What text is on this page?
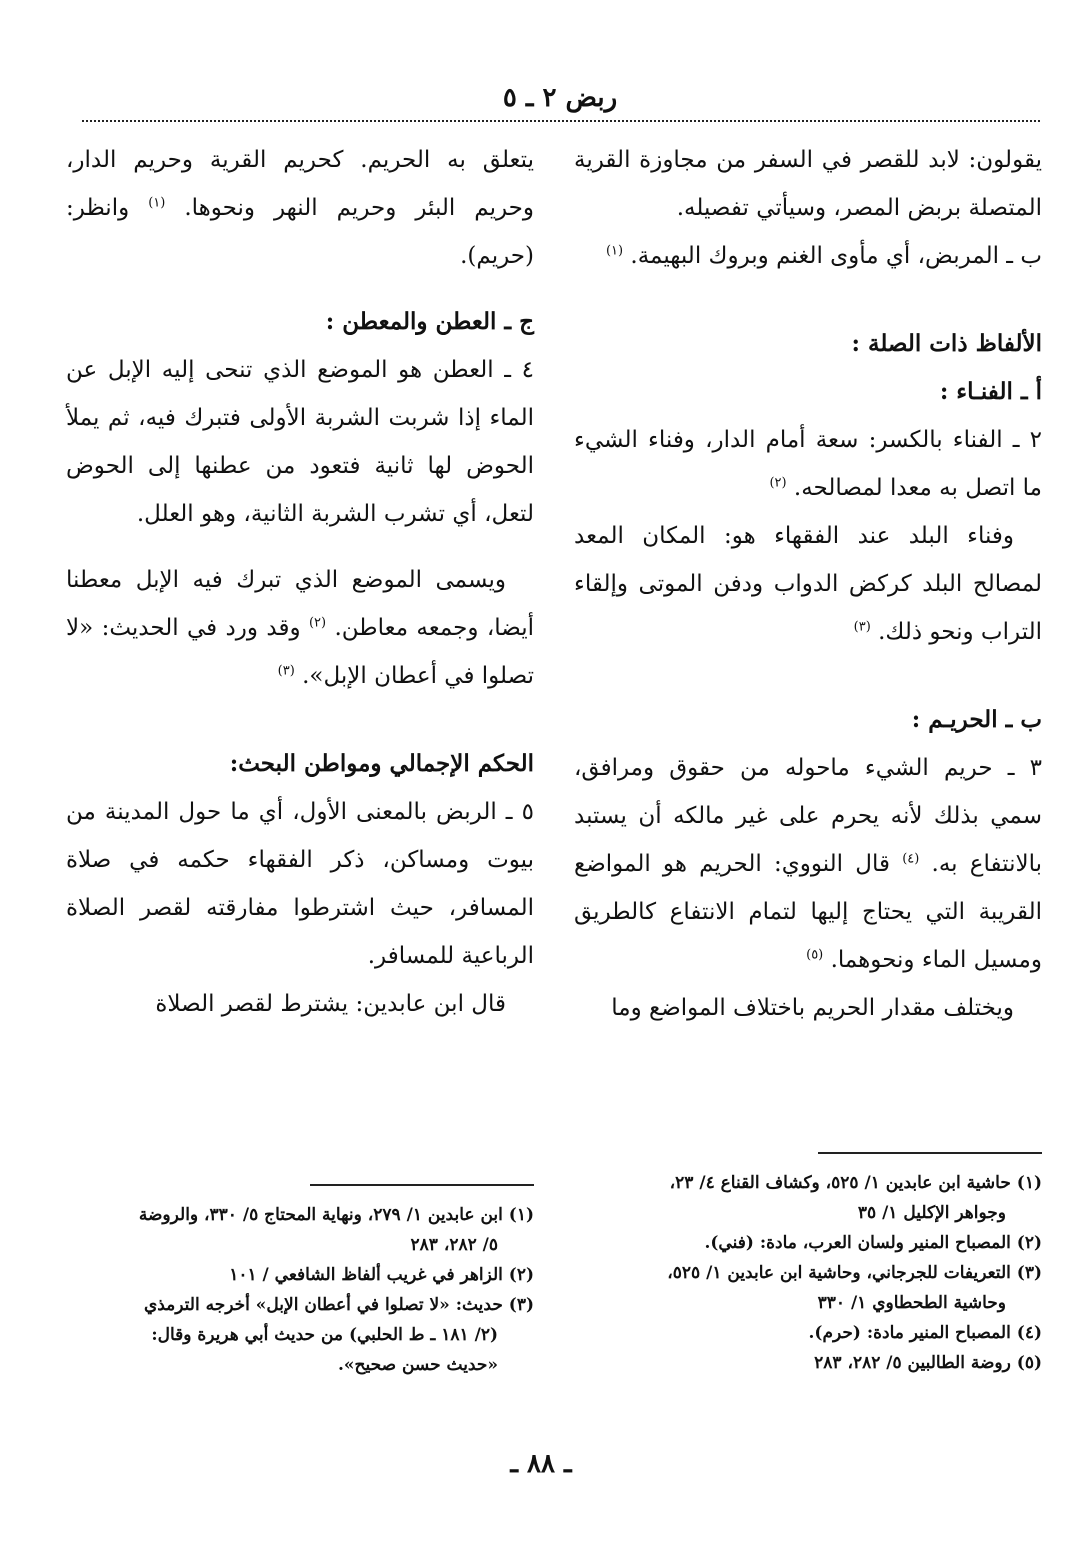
ربض ٢ ـ ٥

يقولون: لابد للقصر في السفر من مجاوزة القرية المتصلة بربض المصر، وسيأتي تفصيله.

ب ـ المربض، أي مأوى الغنم وبروك البهيمة. $^{(١)}$

الألفاظ ذات الصلة :

أ ـ الفنـاء :

٢ ـ الفناء بالكسر: سعة أمام الدار، وفناء الشيء ما اتصل به معدا لمصالحه. $^{(٢)}$

وفناء البلد عند الفقهاء هو: المكان المعد لمصالح البلد كركض الدواب ودفن الموتى وإلقاء التراب ونحو ذلك. $^{(٣)}$

ب ـ الحريـم :

٣ ـ حريم الشيء ماحوله من حقوق ومرافق، سمي بذلك لأنه يحرم على غير مالكه أن يستبد بالانتفاع به. $^{(٤)}$ قال النووي: الحريم هو المواضع القريبة التي يحتاج إليها لتمام الانتفاع كالطريق ومسيل الماء ونحوهما. $^{(٥)}$

ويختلف مقدار الحريم باختلاف المواضع وما

يتعلق به الحريم. كحريم القرية وحريم الدار، وحريم البئر وحريم النهر ونحوها. $^{(١)}$ وانظر: (حريم).

ج ـ العطن والمعطن :

٤ ـ العطن هو الموضع الذي تنحى إليه الإبل عن الماء إذا شربت الشربة الأولى فتبرك فيه، ثم يملأ الحوض لها ثانية فتعود من عطنها إلى الحوض لتعل، أي تشرب الشربة الثانية، وهو العلل.

ويسمى الموضع الذي تبرك فيه الإبل معطنا أيضا، وجمعه معاطن. $^{(٢)}$ وقد ورد في الحديث: «لا تصلوا في أعطان الإبل». $^{(٣)}$

الحكم الإجمالي ومواطن البحث:

٥ ـ الربض بالمعنى الأول، أي ما حول المدينة من بيوت ومساكن، ذكر الفقهاء حكمه في صلاة المسافر، حيث اشترطوا مفارقته لقصر الصلاة الرباعية للمسافر.

قال ابن عابدين: يشترط لقصر الصلاة

(١) حاشية ابن عابدين ١/ ٥٢٥، وكشاف القناع ٤/ ٢٣،

وجواهر الإكليل ١/ ٣٥

(٢) المصباح المنير ولسان العرب، مادة: (فني).

(٣) التعريفات للجرجاني، وحاشية ابن عابدين ١/ ٥٢٥،

وحاشية الطحطاوي ١/ ٣٣٠

(٤) المصباح المنير مادة: (حرم).

(٥) روضة الطالبين ٥/ ٢٨٢، ٢٨٣

(١) ابن عابدين ١/ ٢٧٩، ونهاية المحتاج ٥/ ٣٣٠، والروضة

٥/ ٢٨٢، ٢٨٣

(٢) الزاهر في غريب ألفاظ الشافعي / ١٠١

(٣) حديث: «لا تصلوا في أعطان الإبل» أخرجه الترمذي

(٢/ ١٨١ ـ ط الحلبي) من حديث أبي هريرة وقال:

«حديث حسن صحيح».

ـ ٨٨ ـ
